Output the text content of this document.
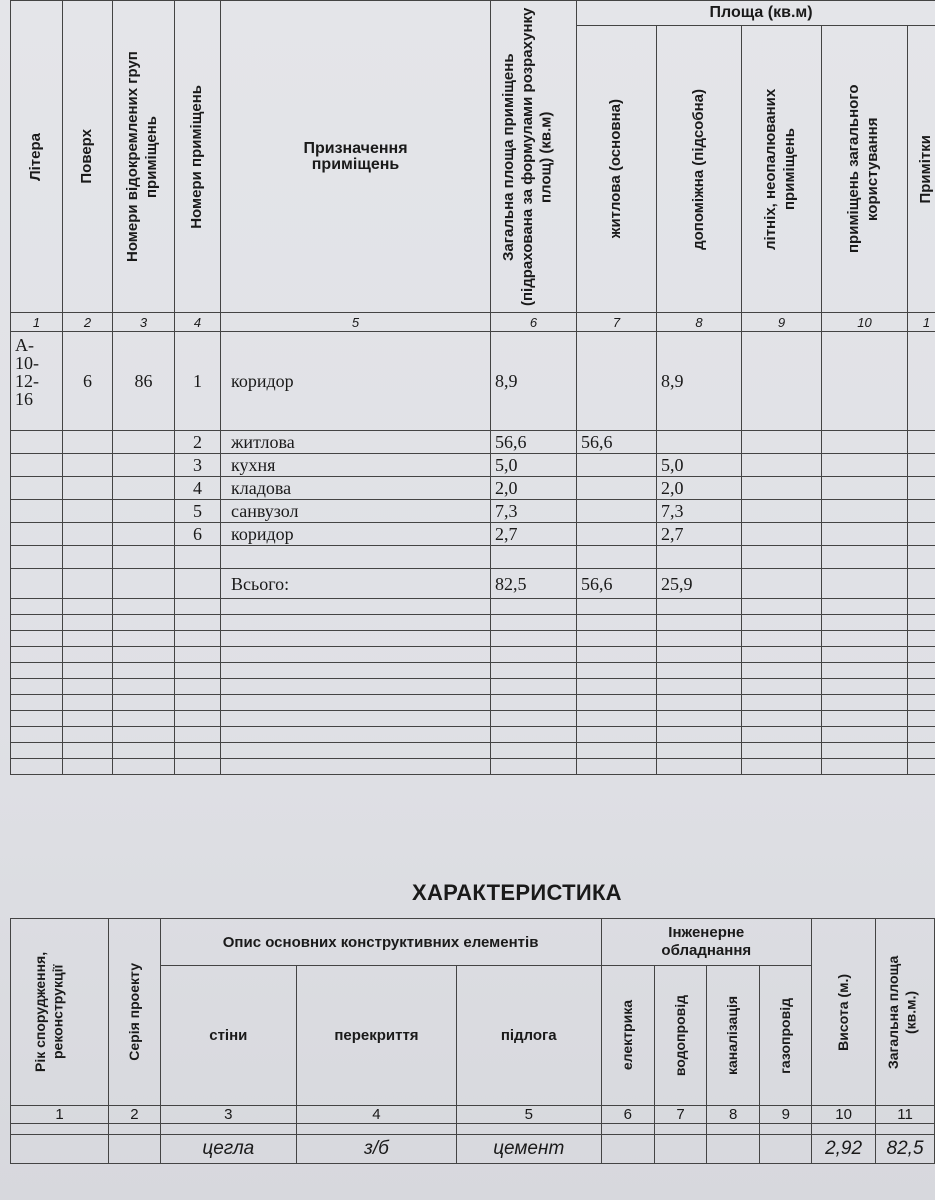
Літера	Поверх	Номери відокремлених груп приміщень	Номери приміщень	Призначення приміщень	Загальна площа приміщень (підрахована за формулами розрахунку площ) (кв.м)	Площа (кв.м)				

						житлова (основна)	допоміжна (підсобна)	літніх, неопалюваних приміщень	приміщень загального користування	Примітки

1	2	3	4	5	6	7	8	9	10	1
А-
10-
12-
16	6	86	1	коридор	8,9		8,9			
			2	житлова	56,6	56,6				
			3	кухня	5,0		5,0			
			4	кладова	2,0		2,0			
			5	санвузол	7,3		7,3			
			6	коридор	2,7		2,7			

				Всього:	82,5	56,6	25,9			

ХАРАКТЕРИСТИКА
Рік спорудження, реконструкції	Серія проекту	Опис основних конструктивних елементів			Інженерне обладнання				Висота (м.)	Загальна площа (кв.м.)

		стіни	перекриття	підлога	електрика	водопровід	каналізація	газопровід		

1	2	3	4	5	6	7	8	9	10	11

		цегла	з/б	цемент					2,92	82,5
